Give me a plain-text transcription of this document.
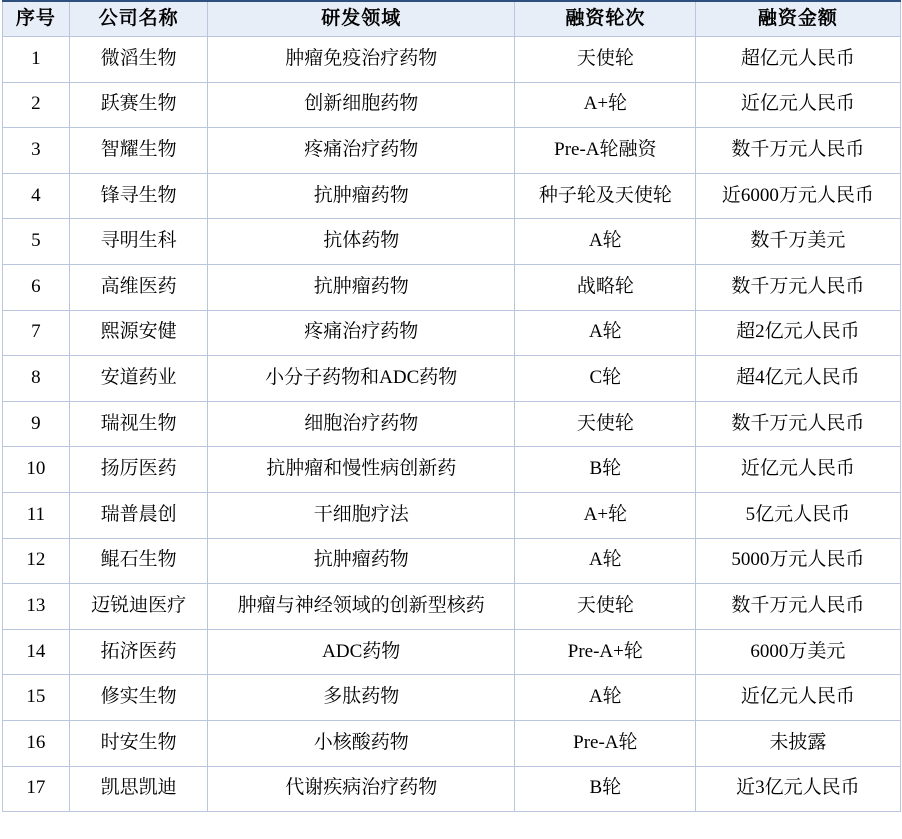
序号	公司名称	研发领域	融资轮次	融资金额
1	微滔生物	肿瘤免疫治疗药物	天使轮	超亿元人民币
2	跃赛生物	创新细胞药物	A+轮	近亿元人民币
3	智耀生物	疼痛治疗药物	Pre-A轮融资	数千万元人民币
4	锋寻生物	抗肿瘤药物	种子轮及天使轮	近6000万元人民币
5	寻明生科	抗体药物	A轮	数千万美元
6	高维医药	抗肿瘤药物	战略轮	数千万元人民币
7	熙源安健	疼痛治疗药物	A轮	超2亿元人民币
8	安道药业	小分子药物和ADC药物	C轮	超4亿元人民币
9	瑞视生物	细胞治疗药物	天使轮	数千万元人民币
10	扬厉医药	抗肿瘤和慢性病创新药	B轮	近亿元人民币
11	瑞普晨创	干细胞疗法	A+轮	5亿元人民币
12	鲲石生物	抗肿瘤药物	A轮	5000万元人民币
13	迈锐迪医疗	肿瘤与神经领域的创新型核药	天使轮	数千万元人民币
14	拓济医药	ADC药物	Pre-A+轮	6000万美元
15	修实生物	多肽药物	A轮	近亿元人民币
16	时安生物	小核酸药物	Pre-A轮	未披露
17	凯思凯迪	代谢疾病治疗药物	B轮	近3亿元人民币
